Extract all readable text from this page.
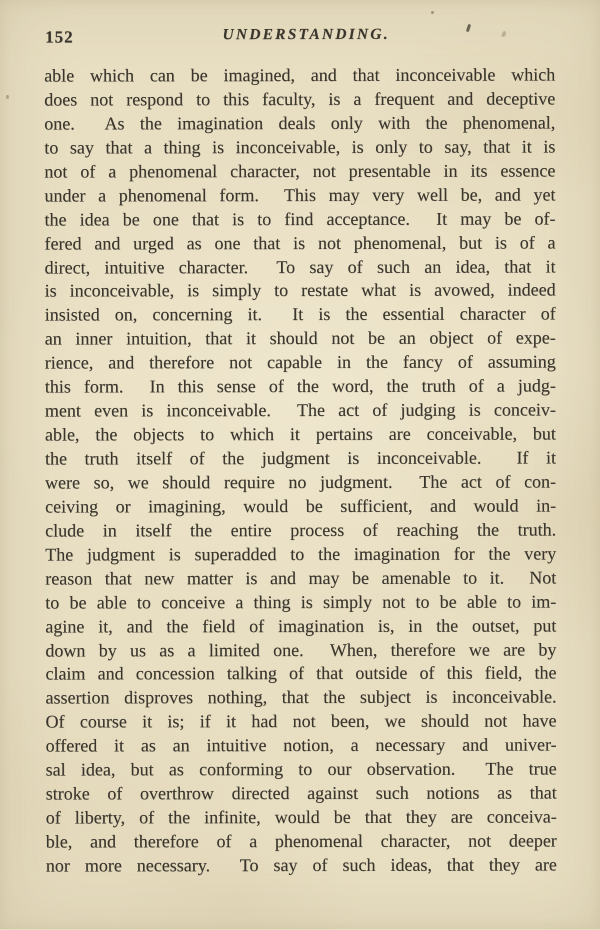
152	UNDERSTANDING.
able which can be imagined, and that inconceivable which
does not respond to this faculty, is a frequent and deceptive
one.  As the imagination deals only with the phenomenal,
to say that a thing is inconceivable, is only to say, that it is
not of a phenomenal character, not presentable in its essence
under a phenomenal form.  This may very well be, and yet
the idea be one that is to find acceptance.  It may be of-
fered and urged as one that is not phenomenal, but is of a
direct, intuitive character.  To say of such an idea, that it
is inconceivable, is simply to restate what is avowed, indeed
insisted on, concerning it.  It is the essential character of
an inner intuition, that it should not be an object of expe-
rience, and therefore not capable in the fancy of assuming
this form.  In this sense of the word, the truth of a judg-
ment even is inconceivable.  The act of judging is conceiv-
able, the objects to which it pertains are conceivable, but
the truth itself of the judgment is inconceivable.  If it
were so, we should require no judgment.  The act of con-
ceiving or imagining, would be sufficient, and would in-
clude in itself the entire process of reaching the truth.
The judgment is superadded to the imagination for the very
reason that new matter is and may be amenable to it.  Not
to be able to conceive a thing is simply not to be able to im-
agine it, and the field of imagination is, in the outset, put
down by us as a limited one.  When, therefore we are by
claim and concession talking of that outside of this field, the
assertion disproves nothing, that the subject is inconceivable.
Of course it is; if it had not been, we should not have
offered it as an intuitive notion, a necessary and univer-
sal idea, but as conforming to our observation.  The true
stroke of overthrow directed against such notions as that
of liberty, of the infinite, would be that they are conceiva-
ble, and therefore of a phenomenal character, not deeper
nor more necessary.  To say of such ideas, that they are
